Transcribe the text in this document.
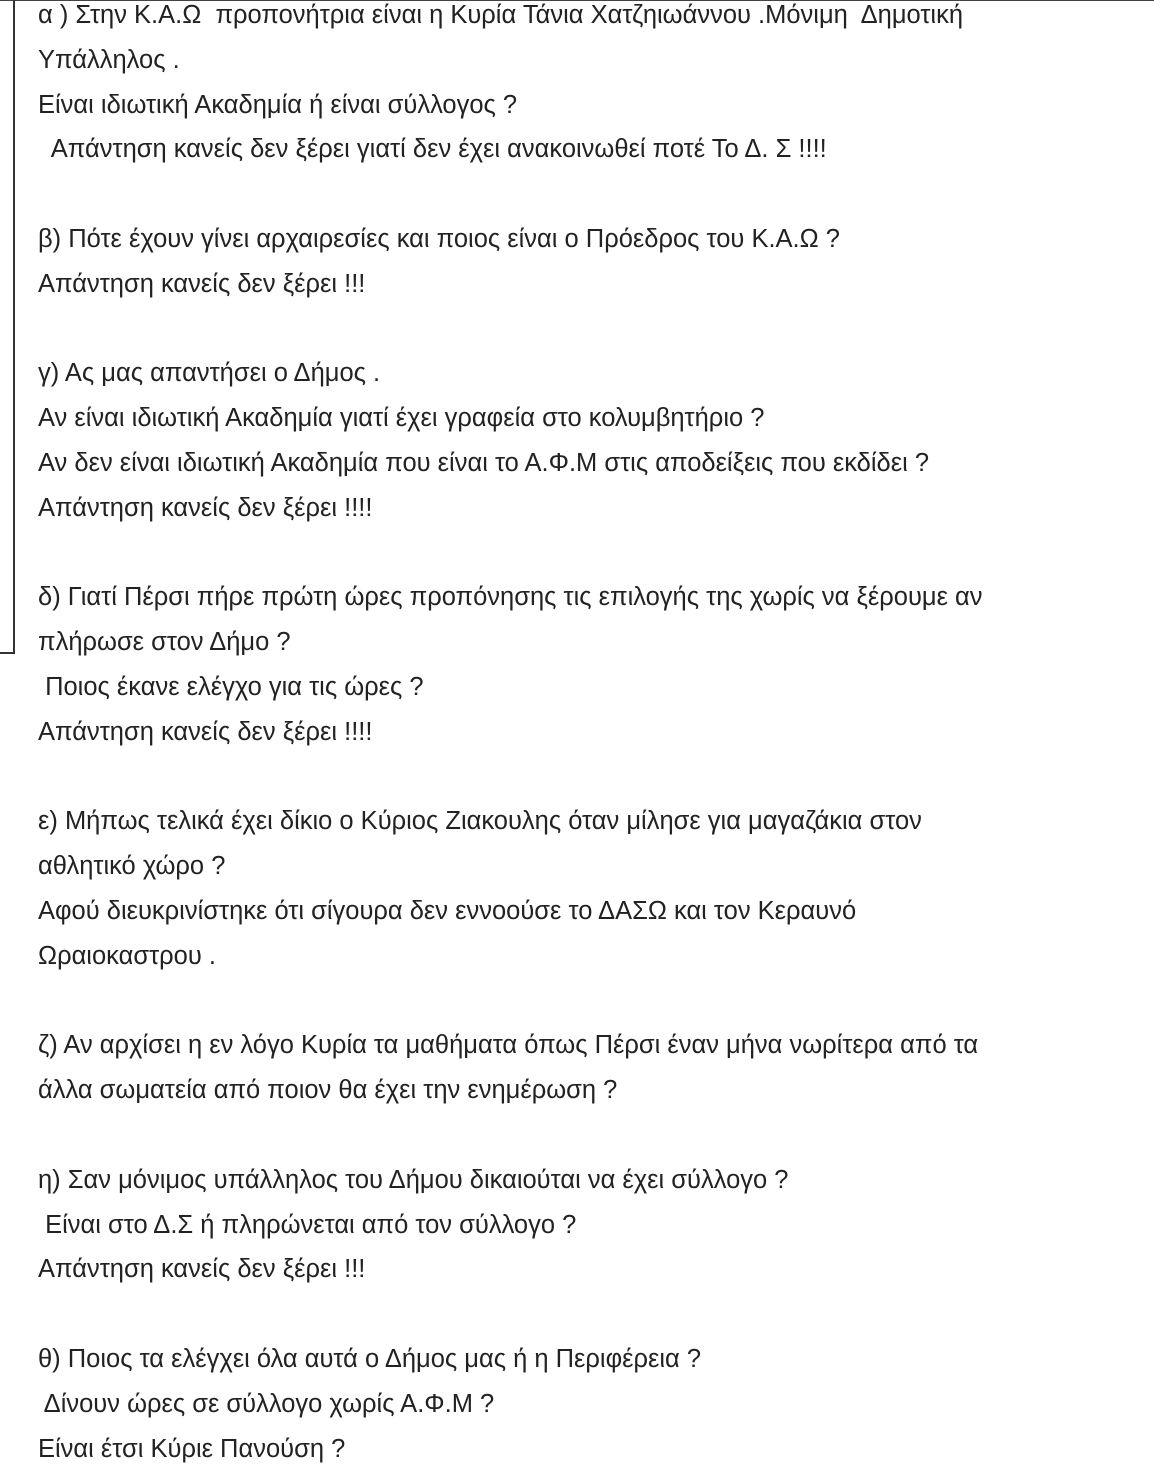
α ) Στην Κ.Α.Ω  προπονήτρια είναι η Κυρία Τάνια Χατζηιωάννου .Μόνιμη  Δημοτική
Υπάλληλος .
Είναι ιδιωτική Ακαδημία ή είναι σύλλογος ?
Απάντηση κανείς δεν ξέρει γιατί δεν έχει ανακοινωθεί ποτέ Το Δ. Σ !!!!
β) Πότε έχουν γίνει αρχαιρεσίες και ποιος είναι ο Πρόεδρος του Κ.Α.Ω ?
Απάντηση κανείς δεν ξέρει !!!
γ) Ας μας απαντήσει ο Δήμος .
Αν είναι ιδιωτική Ακαδημία γιατί έχει γραφεία στο κολυμβητήριο ?
Αν δεν είναι ιδιωτική Ακαδημία που είναι το Α.Φ.Μ στις αποδείξεις που εκδίδει ?
Απάντηση κανείς δεν ξέρει !!!!
δ) Γιατί Πέρσι πήρε πρώτη ώρες προπόνησης τις επιλογής της χωρίς να ξέρουμε αν
πλήρωσε στον Δήμο ?
Ποιος έκανε ελέγχο για τις ώρες ?
Απάντηση κανείς δεν ξέρει !!!!
ε) Μήπως τελικά έχει δίκιο ο Κύριος Ζιακουλης όταν μίλησε για μαγαζάκια στον
αθλητικό χώρο ?
Αφού διευκρινίστηκε ότι σίγουρα δεν εννοούσε το ΔΑΣΩ και τον Κεραυνό
Ωραιοκαστρου .
ζ) Αν αρχίσει η εν λόγο Κυρία τα μαθήματα όπως Πέρσι έναν μήνα νωρίτερα από τα
άλλα σωματεία από ποιον θα έχει την ενημέρωση ?
η) Σαν μόνιμος υπάλληλος του Δήμου δικαιούται να έχει σύλλογο ?
Είναι στο Δ.Σ ή πληρώνεται από τον σύλλογο ?
Απάντηση κανείς δεν ξέρει !!!
θ) Ποιος τα ελέγχει όλα αυτά ο Δήμος μας ή η Περιφέρεια ?
Δίνουν ώρες σε σύλλογο χωρίς Α.Φ.Μ ?
Είναι έτσι Κύριε Πανούση ?
